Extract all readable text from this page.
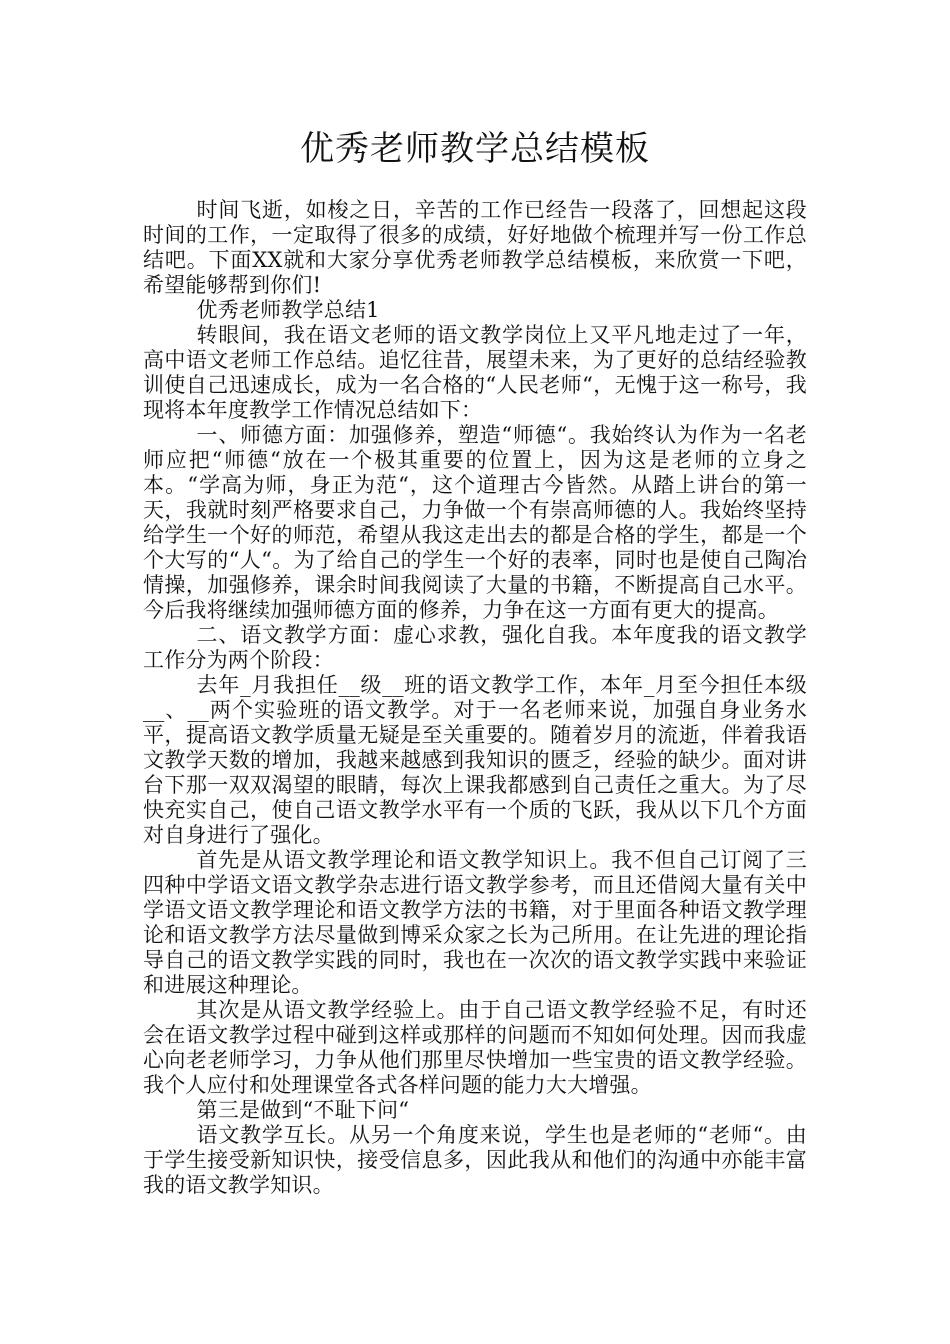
优秀老师教学总结模板

时间飞逝，如梭之日，辛苦的工作已经告一段落了，回想起这段时间的工作，一定取得了很多的成绩，好好地做个梳理并写一份工作总结吧。下面XX就和大家分享优秀老师教学总结模板，来欣赏一下吧，希望能够帮到你们!

优秀老师教学总结1

转眼间，我在语文老师的语文教学岗位上又平凡地走过了一年，高中语文老师工作总结。追忆往昔，展望未来，为了更好的总结经验教训使自己迅速成长，成为一名合格的“人民老师“，无愧于这一称号，我现将本年度教学工作情况总结如下：

一、师德方面：加强修养，塑造“师德“。我始终认为作为一名老师应把“师德“放在一个极其重要的位置上，因为这是老师的立身之本。“学高为师，身正为范“，这个道理古今皆然。从踏上讲台的第一天，我就时刻严格要求自己，力争做一个有崇高师德的人。我始终坚持给学生一个好的师范，希望从我这走出去的都是合格的学生，都是一个个大写的“人“。为了给自己的学生一个好的表率，同时也是使自己陶冶情操，加强修养，课余时间我阅读了大量的书籍，不断提高自己水平。今后我将继续加强师德方面的修养，力争在这一方面有更大的提高。

二、语文教学方面：虚心求教，强化自我。本年度我的语文教学工作分为两个阶段：

去年_月我担任__级__班的语文教学工作，本年_月至今担任本级__、__两个实验班的语文教学。对于一名老师来说，加强自身业务水平，提高语文教学质量无疑是至关重要的。随着岁月的流逝，伴着我语文教学天数的增加，我越来越感到我知识的匮乏，经验的缺少。面对讲台下那一双双渴望的眼睛，每次上课我都感到自己责任之重大。为了尽快充实自己，使自己语文教学水平有一个质的飞跃，我从以下几个方面对自身进行了强化。

首先是从语文教学理论和语文教学知识上。我不但自己订阅了三四种中学语文语文教学杂志进行语文教学参考，而且还借阅大量有关中学语文语文教学理论和语文教学方法的书籍，对于里面各种语文教学理论和语文教学方法尽量做到博采众家之长为己所用。在让先进的理论指导自己的语文教学实践的同时，我也在一次次的语文教学实践中来验证和进展这种理论。

其次是从语文教学经验上。由于自己语文教学经验不足，有时还会在语文教学过程中碰到这样或那样的问题而不知如何处理。因而我虚心向老老师学习，力争从他们那里尽快增加一些宝贵的语文教学经验。我个人应付和处理课堂各式各样问题的能力大大增强。

第三是做到“不耻下问“

语文教学互长。从另一个角度来说，学生也是老师的“老师“。由于学生接受新知识快，接受信息多，因此我从和他们的沟通中亦能丰富我的语文教学知识。
